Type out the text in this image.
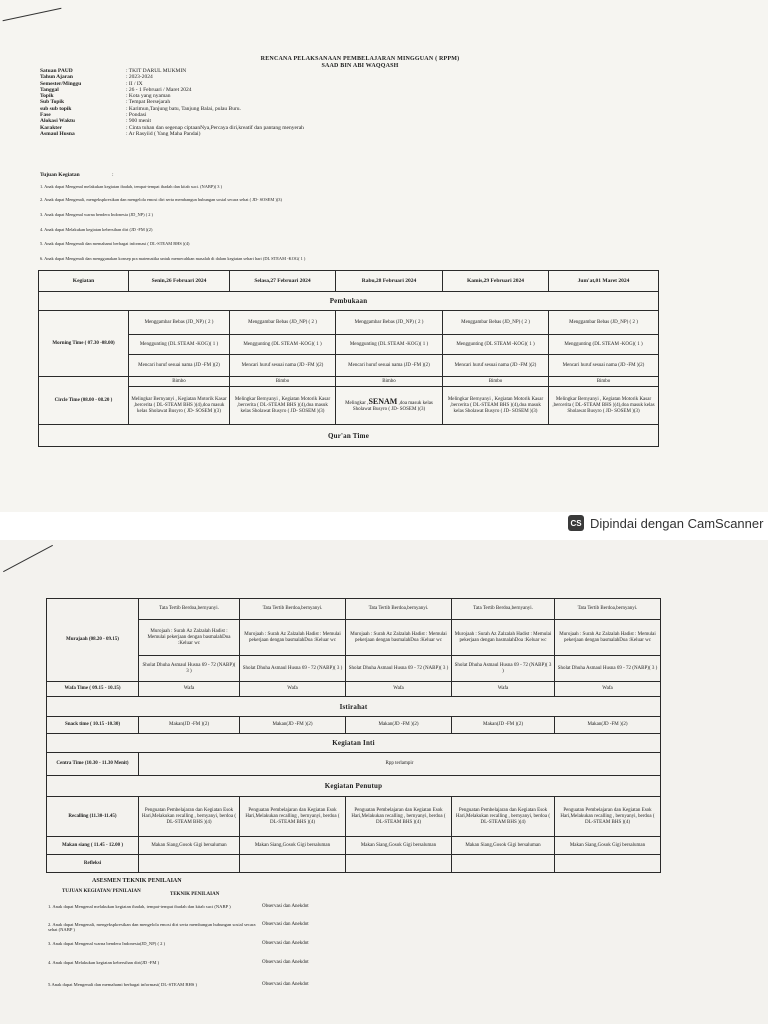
RENCANA PELAKSANAAN PEMBELAJARAN MINGGUAN ( RPPM)
SAAD BIN ABI WAQQASH
Satuan PAUD	: TKIT DARUL MUKMIN
Tahun Ajaran	: 2023-2024
Semester/Minggu	: II / IX
Tanggal	: 26 - 1 Februari / Maret 2024
Topik	: Kota yang nyaman
Sub Topik	: Tempat Bersejarah
sub sub topik	: Karimun,Tanjung batu, Tanjung Balai, pulau Buru.
Fase	: Pondasi
Alokasi Waktu	: 900 menit
Karakter	: Cinta tuhan dan segenap ciptaanNya,Percaya diri,kreatif dan pantang menyerah
Asmaul Husna	: Ar Rasyiid ( Yang Maha Pandai)
Tujuan Kegiatan	:
1. Anak dapat Mengenal melakukan kegiatan ibadah, tempat-tempat ibadah dan kitab suci. (NABP)( 3 )
2. Anak dapat Mengenali, mengekspkresikan dan mengelola emosi diri serta membangun hubungan sosial secara sehat ( JD- SOSEM )(3)
3. Anak dapat Mengenal warna bendera Indonesia (JD_NP) ( 2 )
4. Anak dapat Melakukan kegiatan kebersihan diri (JD -FM )(2)
5. Anak dapat Mengenali dan memahami berbagai informasi ( DL-STEAM BHS )(4)
6. Anak dapat Mengenali dan menggunakan konsep pra matematika untuk memecahkan masalah di dalam kegiatan sehari hari (DL STEAM -KOG( 1 )
Kegiatan	Senin,26 Februari 2024	Selasa,27 Februari 2024	Rabu,28 Februari 2024	Kamis,29 Februari 2024	Jum'at,01 Maret 2024
Pembukaan					
Morning Time ( 07.30 -08.00)	Menggambar Bebas (JD_NP) ( 2 )	Menggambar Bebas (JD_NP) ( 2 )	Menggambar Bebas (JD_NP) ( 2 )	Menggambar Bebas (JD_NP) ( 2 )	Menggambar Bebas (JD_NP) ( 2 )
	Menggunting (DL STEAM -KOG)( 1 )	Menggunting (DL STEAM -KOG)( 1 )	Menggunting (DL STEAM -KOG)( 1 )	Menggunting (DL STEAM -KOG)( 1 )	Menggunting (DL STEAM -KOG)( 1 )
	Mencari huruf sesuai nama (JD -FM )(2)	Mencari huruf sesuai nama (JD -FM )(2)	Mencari huruf sesuai nama (JD -FM )(2)	Mencari huruf sesuai nama (JD -FM )(2)	Mencari huruf sesuai nama (JD -FM )(2)
Circle Time (08.00 - 08.20 )	Bimbo	Bimbo	Bimbo	Bimbo	Bimbo
	Melingkar Bernyanyi , Kegiatan Motorik Kasar ,bercerita ( DL-STEAM BHS )(4),doa masuk kelas Sholawat Busyro ( JD- SOSEM )(3)	Melingkar Bernyanyi , Kegiatan Motorik Kasar ,bercerita ( DL-STEAM BHS )(4),doa masuk kelas Sholawat Busyro ( JD- SOSEM )(3)	Melingkar ,SENAM ,doa masuk kelas Sholawat Busyro ( JD- SOSEM )(3)	Melingkar Bernyanyi , Kegiatan Motorik Kasar ,bercerita ( DL-STEAM BHS )(4),doa masuk kelas Sholawat Busyro ( JD- SOSEM )(3)	Melingkar Bernyanyi , Kegiatan Motorik Kasar ,bercerita ( DL-STEAM BHS )(4),doa masuk kelas Sholawat Busyro ( JD- SOSEM )(3)
Qur'an Time					
CS Dipindai dengan CamScanner
Murajaah (08.20 - 09.15)	Tata Tertib Berdoa,bernyanyi.	Tata Tertib Berdoa,bernyanyi.	Tata Tertib Berdoa,bernyanyi.	Tata Tertib Berdoa,bernyanyi.	Tata Tertib Berdoa,bernyanyi.
	Murojaah : Surah Az Zalzalah Hadist : Memulai pekerjaan dengan basmalahDoa :Keluar wc	Murojaah : Surah Az Zalzalah Hadist : Memulai pekerjaan dengan basmalahDoa :Keluar wc	Murojaah : Surah Az Zalzalah Hadist : Memulai pekerjaan dengan basmalahDoa :Keluar wc	Murojaah : Surah Az Zalzalah Hadist : Memulai pekerjaan dengan basmalahDoa :Keluar wc	Murojaah : Surah Az Zalzalah Hadist : Memulai pekerjaan dengan basmalahDoa :Keluar wc
	Sholat Dhuha Asmaul Husna 69 - 72 (NABP)( 3 )	Sholat Dhuha Asmaul Husna 69 - 72 (NABP)( 3 )	Sholat Dhuha Asmaul Husna 69 - 72 (NABP)( 3 )	Sholat Dhuha Asmaul Husna 69 - 72 (NABP)( 3 )	Sholat Dhuha Asmaul Husna 69 - 72 (NABP)( 3 )
Wafa Time ( 09.15 - 10.15)	Wafa	Wafa	Wafa	Wafa	Wafa
Istirahat					
Snack time ( 10.15 -10.30)	Makan(JD -FM )(2)	Makan(JD -FM )(2)	Makan(JD -FM )(2)	Makan(JD -FM )(2)	Makan(JD -FM )(2)
Kegiatan Inti					
Centra Time (10.30 - 11.30 Menit)	Rpp terlampir				
Kegiatan Penutup					
Recalling (11.30-11.45)	Penguatan Pembelajaran dan Kegiatan Esok Hari,Melakukan recalling , bernyanyi, berdoa ( DL-STEAM BHS )(4)	Penguatan Pembelajaran dan Kegiatan Esok Hari,Melakukan recalling , bernyanyi, berdoa ( DL-STEAM BHS )(4)	Penguatan Pembelajaran dan Kegiatan Esok Hari,Melakukan recalling , bernyanyi, berdoa ( DL-STEAM BHS )(4)	Penguatan Pembelajaran dan Kegiatan Esok Hari,Melakukan recalling , bernyanyi, berdoa ( DL-STEAM BHS )(4)	Penguatan Pembelajaran dan Kegiatan Esok Hari,Melakukan recalling , bernyanyi, berdoa ( DL-STEAM BHS )(4)
Makan siang ( 11.45 - 12.00 )	Makan Siang,Gosok Gigi bersaluman	Makan Siang,Gosok Gigi bersaluman	Makan Siang,Gosok Gigi bersaluman	Makan Siang,Gosok Gigi bersaluman	Makan Siang,Gosok Gigi bersaluman
Refleksi					
ASESMEN TEKNIK PENILAIAN
TUJUAN KEGIATAN/ PENILAIAN
TEKNIK PENILAIAN
1. Anak dapat Mengenal melakukan kegiatan ibadah, tempat-tempat ibadah dan kitab suci (NABP )	Observasi dan Anekdot
2. Anak dapat Mengenali, mengekspkresikan dan mengelola emosi diri serta membangun hubungan sosial secara sehat (NABP )
Observasi dan Anekdot
3. Anak dapat Mengenal warna bendera Indonesia(JD_NP) ( 2 )	Observasi dan Anekdot
4. Anak dapat Melakukan kegiatan kebersihan diri(JD -FM )	Observasi dan Anekdot
5.Anak dapat Mengenali dan memahami berbagai informasi( DL-STEAM BHS )	Observasi dan Anekdot
